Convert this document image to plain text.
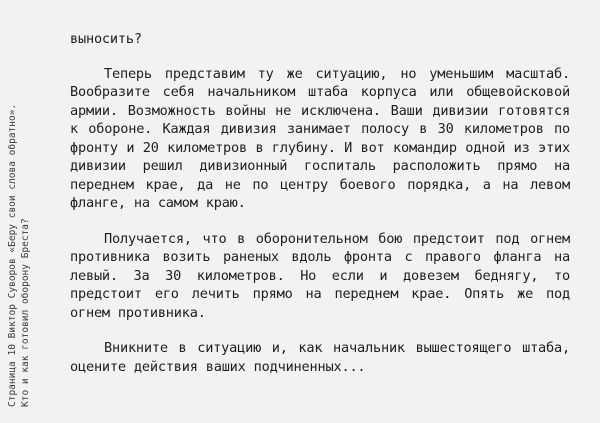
Страница 10 Виктор Суворов «Беру свои слова обратно». Кто и как готовил оборону Бреста?

выносить?

Теперь представим ту же ситуацию, но уменьшим масштаб. Вообразите себя начальником штаба корпуса или общевойсковой армии. Возможность войны не исключена. Ваши дивизии готовятся к обороне. Каждая дивизия занимает полосу в 30 километров по фронту и 20 километров в глубину. И вот командир одной из этих дивизии решил дивизионный госпиталь расположить прямо на переднем крае, да не по центру боевого порядка, а на левом фланге, на самом краю.

Получается, что в оборонительном бою предстоит под огнем противника возить раненых вдоль фронта с правого фланга на левый. За 30 километров. Но если и довезем беднягу, то предстоит его лечить прямо на переднем крае. Опять же под огнем противника.

Вникните в ситуацию и, как начальник вышестоящего штаба, оцените действия ваших подчиненных...
